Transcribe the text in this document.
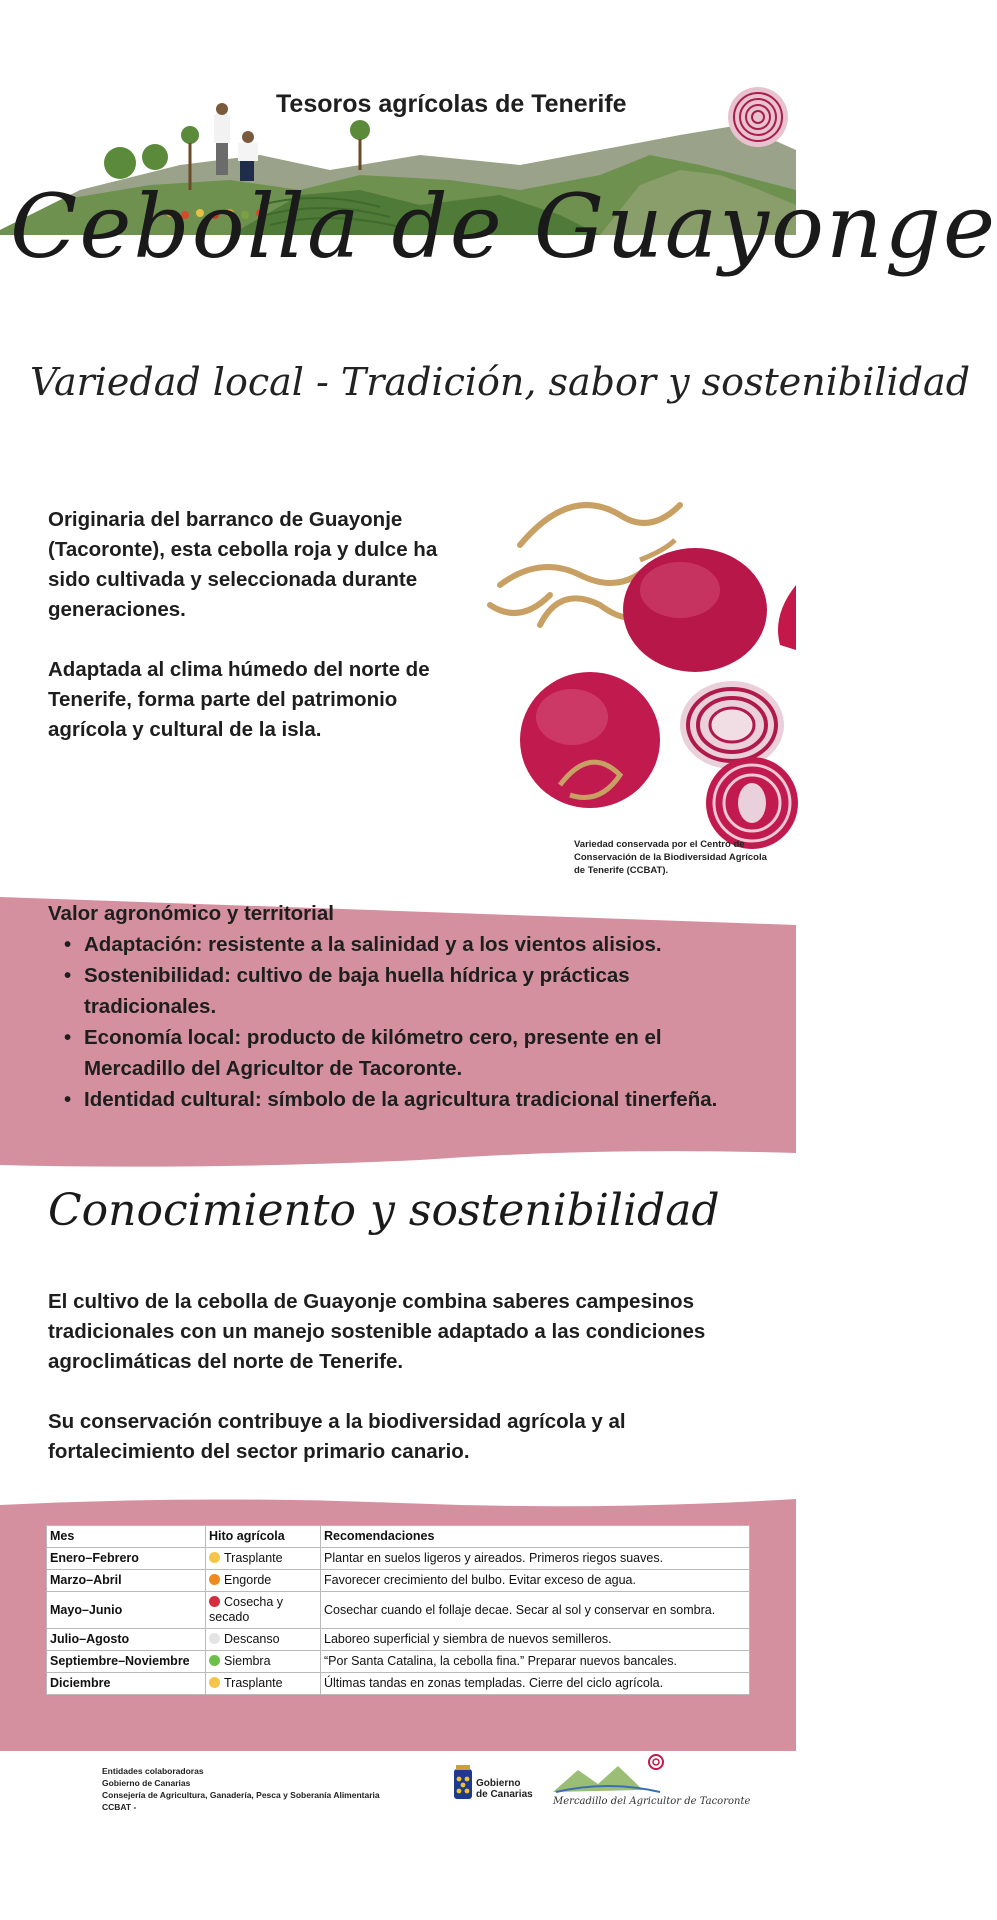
Tesoros agrícolas de Tenerife
Cebolla de Guayonge
Variedad local - Tradición, sabor y sostenibilidad

Originaria del barranco de Guayonje (Tacoronte), esta cebolla roja y dulce ha sido cultivada y seleccionada durante generaciones.

Adaptada al clima húmedo del norte de Tenerife, forma parte del patrimonio agrícola y cultural de la isla.

Variedad conservada por el Centro de Conservación de la Biodiversidad Agrícola de Tenerife (CCBAT).
Valor agronómico y territorial
• Adaptación: resistente a la salinidad y a los vientos alisios.
• Sostenibilidad: cultivo de baja huella hídrica y prácticas tradicionales.
• Economía local: producto de kilómetro cero, presente en el Mercadillo del Agricultor de Tacoronte.
• Identidad cultural: símbolo de la agricultura tradicional tinerfeña.
Conocimiento y sostenibilidad

El cultivo de la cebolla de Guayonje combina saberes campesinos tradicionales con un manejo sostenible adaptado a las condiciones agroclimáticas del norte de Tenerife.

Su conservación contribuye a la biodiversidad agrícola y al fortalecimiento del sector primario canario.

Mes	Hito agrícola	Recomendaciones
Enero–Febrero	Trasplante	Plantar en suelos ligeros y aireados. Primeros riegos suaves.
Marzo–Abril	Engorde	Favorecer crecimiento del bulbo. Evitar exceso de agua.
Mayo–Junio	Cosecha y secado	Cosechar cuando el follaje decae. Secar al sol y conservar en sombra.
Julio–Agosto	Descanso	Laboreo superficial y siembra de nuevos semilleros.
Septiembre–Noviembre	Siembra	“Por Santa Catalina, la cebolla fina.” Preparar nuevos bancales.
Diciembre	Trasplante	Últimas tandas en zonas templadas. Cierre del ciclo agrícola.
Entidades colaboradoras
Gobierno de Canarias
Consejería de Agricultura, Ganadería, Pesca y Soberanía Alimentaria
CCBAT -
Gobierno
de Canarias
Mercadillo del Agricultor de Tacoronte
